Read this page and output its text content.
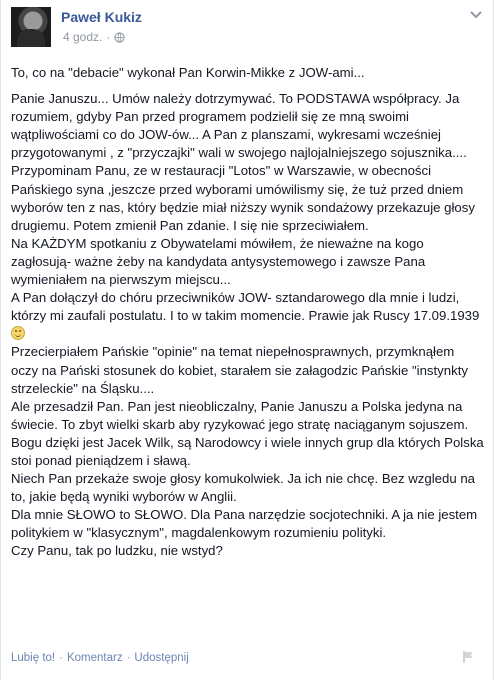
Paweł Kukiz
4 godz. ·

To, co na "debacie" wykonał Pan Korwin-Mikke z JOW-ami...

Panie Januszu... Umów należy dotrzymywać. To PODSTAWA współpracy. Ja rozumiem, gdyby Pan przed programem podzielił się ze mną swoimi wątpliwościami co do JOW-ów... A Pan z planszami, wykresami wcześniej przygotowanymi , z "przyczajki" wali w swojego najlojalniejszego sojusznika....

Przypominam Panu, ze w restauracji "Lotos" w Warszawie, w obecności Pańskiego syna ,jeszcze przed wyborami umówilismy się, że tuż przed dniem wyborów ten z nas, który będzie miał niższy wynik sondażowy przekazuje głosy drugiemu. Potem zmienił Pan zdanie. I się nie sprzeciwiałem.

Na KAŻDYM spotkaniu z Obywatelami mówiłem, że nieważne na kogo zagłosują- ważne żeby na kandydata antysystemowego i zawsze Pana wymieniałem na pierwszym miejscu...

A Pan dołączył do chóru przeciwników JOW- sztandarowego dla mnie i ludzi, którzy mi zaufali postulatu. I to w takim momencie. Prawie jak Ruscy 17.09.1939

Przecierpiałem Pańskie "opinie" na temat niepełnosprawnych, przymknąłem oczy na Pański stosunek do kobiet, starałem sie załagodzic Pańskie "instynkty strzeleckie" na Śląsku....

Ale przesadził Pan. Pan jest nieobliczalny, Panie Januszu a Polska jedyna na świecie. To zbyt wielki skarb aby ryzykować jego stratę naciąganym sojuszem.

Bogu dzięki jest Jacek Wilk, są Narodowcy i wiele innych grup dla których Polska stoi ponad pieniądzem i sławą.

Niech Pan przekaże swoje głosy komukolwiek. Ja ich nie chcę. Bez wzgledu na to, jakie będą wyniki wyborów w Anglii.

Dla mnie SŁOWO to SŁOWO. Dla Pana narzędzie socjotechniki. A ja nie jestem politykiem w "klasycznym", magdalenkowym rozumieniu polityki.

Czy Panu, tak po ludzku, nie wstyd?

Lubię to! · Komentarz · Udostępnij
